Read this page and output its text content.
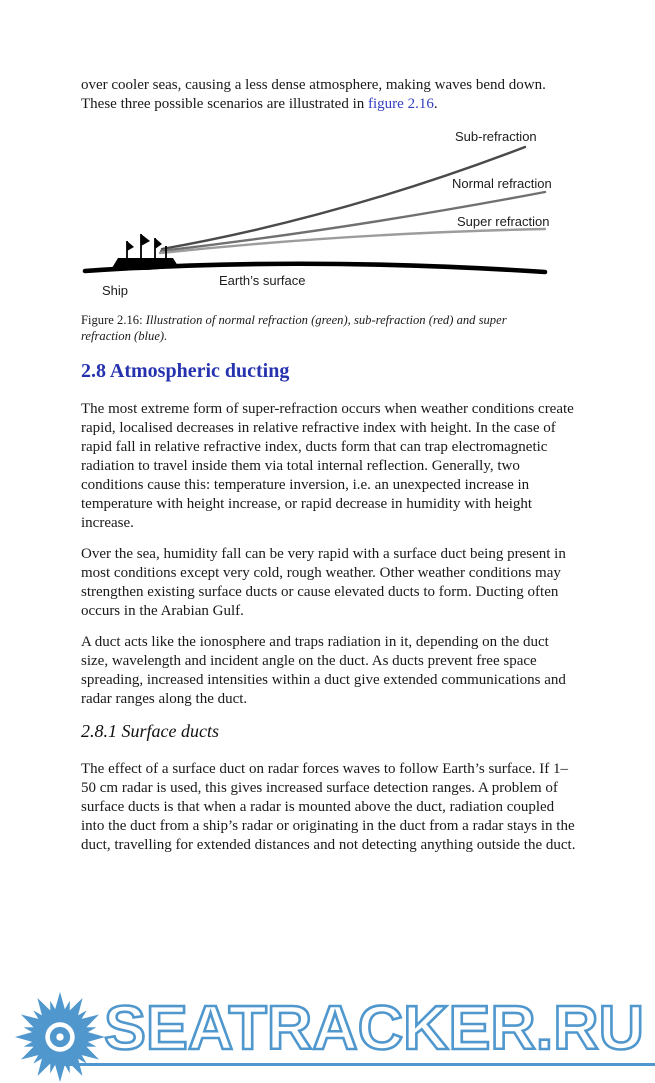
over cooler seas, causing a less dense atmosphere, making waves bend down. These three possible scenarios are illustrated in figure 2.16.

Sub-refraction
Normal refraction
Super refraction
Earth’s surface
Ship

Figure 2.16: Illustration of normal refraction (green), sub-refraction (red) and super refraction (blue).

2.8 Atmospheric ducting

The most extreme form of super-refraction occurs when weather conditions create rapid, localised decreases in relative refractive index with height. In the case of rapid fall in relative refractive index, ducts form that can trap electromagnetic radiation to travel inside them via total internal reflection. Generally, two conditions cause this: temperature inversion, i.e. an unexpected increase in temperature with height increase, or rapid decrease in humidity with height increase.

Over the sea, humidity fall can be very rapid with a surface duct being present in most conditions except very cold, rough weather. Other weather conditions may strengthen existing surface ducts or cause elevated ducts to form. Ducting often occurs in the Arabian Gulf.

A duct acts like the ionosphere and traps radiation in it, depending on the duct size, wavelength and incident angle on the duct. As ducts prevent free space spreading, increased intensities within a duct give extended communications and radar ranges along the duct.

2.8.1 Surface ducts

The effect of a surface duct on radar forces waves to follow Earth’s surface. If 1–50 cm radar is used, this gives increased surface detection ranges. A problem of surface ducts is that when a radar is mounted above the duct, radiation coupled into the duct from a ship’s radar or originating in the duct from a radar stays in the duct, travelling for extended distances and not detecting anything outside the duct.

SEATRACKER.RU
